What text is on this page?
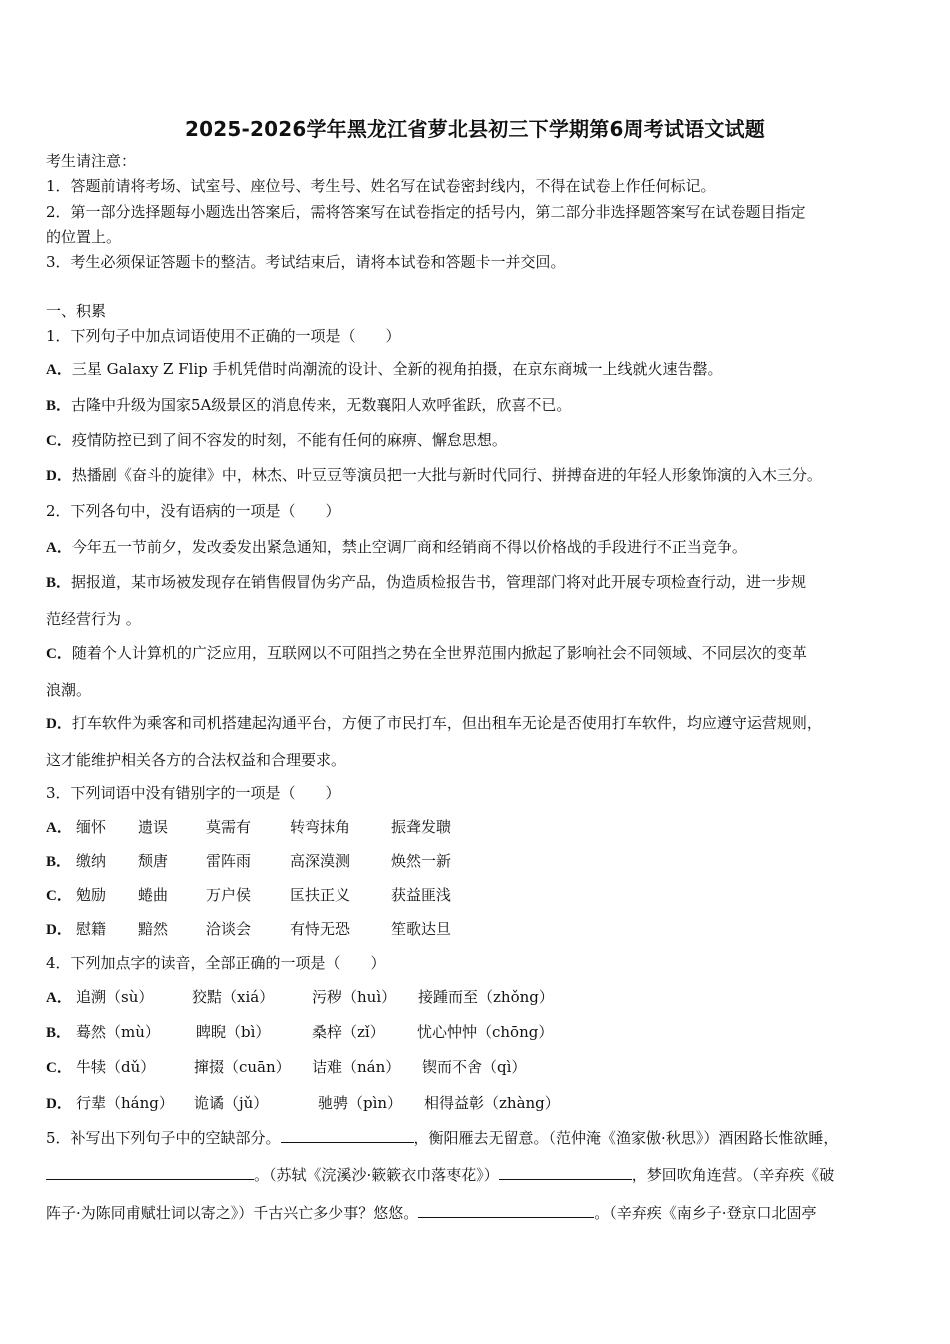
2025-2026学年黑龙江省萝北县初三下学期第6周考试语文试题
考生请注意：
1．答题前请将考场、试室号、座位号、考生号、姓名写在试卷密封线内，不得在试卷上作任何标记。
2．第一部分选择题每小题选出答案后，需将答案写在试卷指定的括号内，第二部分非选择题答案写在试卷题目指定
的位置上。
3．考生必须保证答题卡的整洁。考试结束后，请将本试卷和答题卡一并交回。
一、积累
1．下列句子中加点词语使用不正确的一项是（　　）
A．三星 Galaxy Z Flip 手机凭借时尚潮流的设计、全新的视角拍摄，在京东商城一上线就火速告罄。
B．古隆中升级为国家5A级景区的消息传来，无数襄阳人欢呼雀跃，欣喜不已。
C．疫情防控已到了间不容发的时刻，不能有任何的麻痹、懈怠思想。
D．热播剧《奋斗的旋律》中，林杰、叶豆豆等演员把一大批与新时代同行、拼搏奋进的年轻人形象饰演的入木三分。
2．下列各句中，没有语病的一项是（　　）
A．今年五一节前夕，发改委发出紧急通知，禁止空调厂商和经销商不得以价格战的手段进行不正当竞争。
B．据报道，某市场被发现存在销售假冒伪劣产品，伪造质检报告书，管理部门将对此开展专项检查行动，进一步规
范经营行为 。
C．随着个人计算机的广泛应用，互联网以不可阻挡之势在全世界范围内掀起了影响社会不同领域、不同层次的变革
浪潮。
D．打车软件为乘客和司机搭建起沟通平台，方便了市民打车，但出租车无论是否使用打车软件，均应遵守运营规则，
这才能维护相关各方的合法权益和合理要求。
3．下列词语中没有错别字的一项是（　　）
A． 缅怀 遗误	莫需有	转弯抹角	振聋发聩
B． 缴纳 颓唐	雷阵雨	高深漠测	焕然一新
C． 勉励 蜷曲	万户侯	匡扶正义	获益匪浅
D． 慰籍 黯然	洽谈会	有恃无恐	笙歌达旦
4．下列加点字的读音，全部正确的一项是（　　）
A． 追溯（sù）	狡黠（xiá）	污秽（huì） 接踵而至（zhǒng）
B． 蓦然（mù） 睥睨（bì）	桑梓（zǐ） 忧心忡忡（chōng）
C． 牛犊（dǔ）	撺掇（cuān） 诘难（nán） 锲而不舍（qì）
D． 行辈（háng） 诡谲（jǔ）	驰骋（pìn） 相得益彰（zhàng）
5．补写出下列句子中的空缺部分。	，衡阳雁去无留意。（范仲淹《渔家傲·秋思》）酒困路长惟欲睡，
。（苏轼《浣溪沙·簌簌衣巾落枣花》）	，梦回吹角连营。（辛弃疾《破
阵子·为陈同甫赋壮词以寄之》）千古兴亡多少事？悠悠。	。（辛弃疾《南乡子·登京口北固亭
